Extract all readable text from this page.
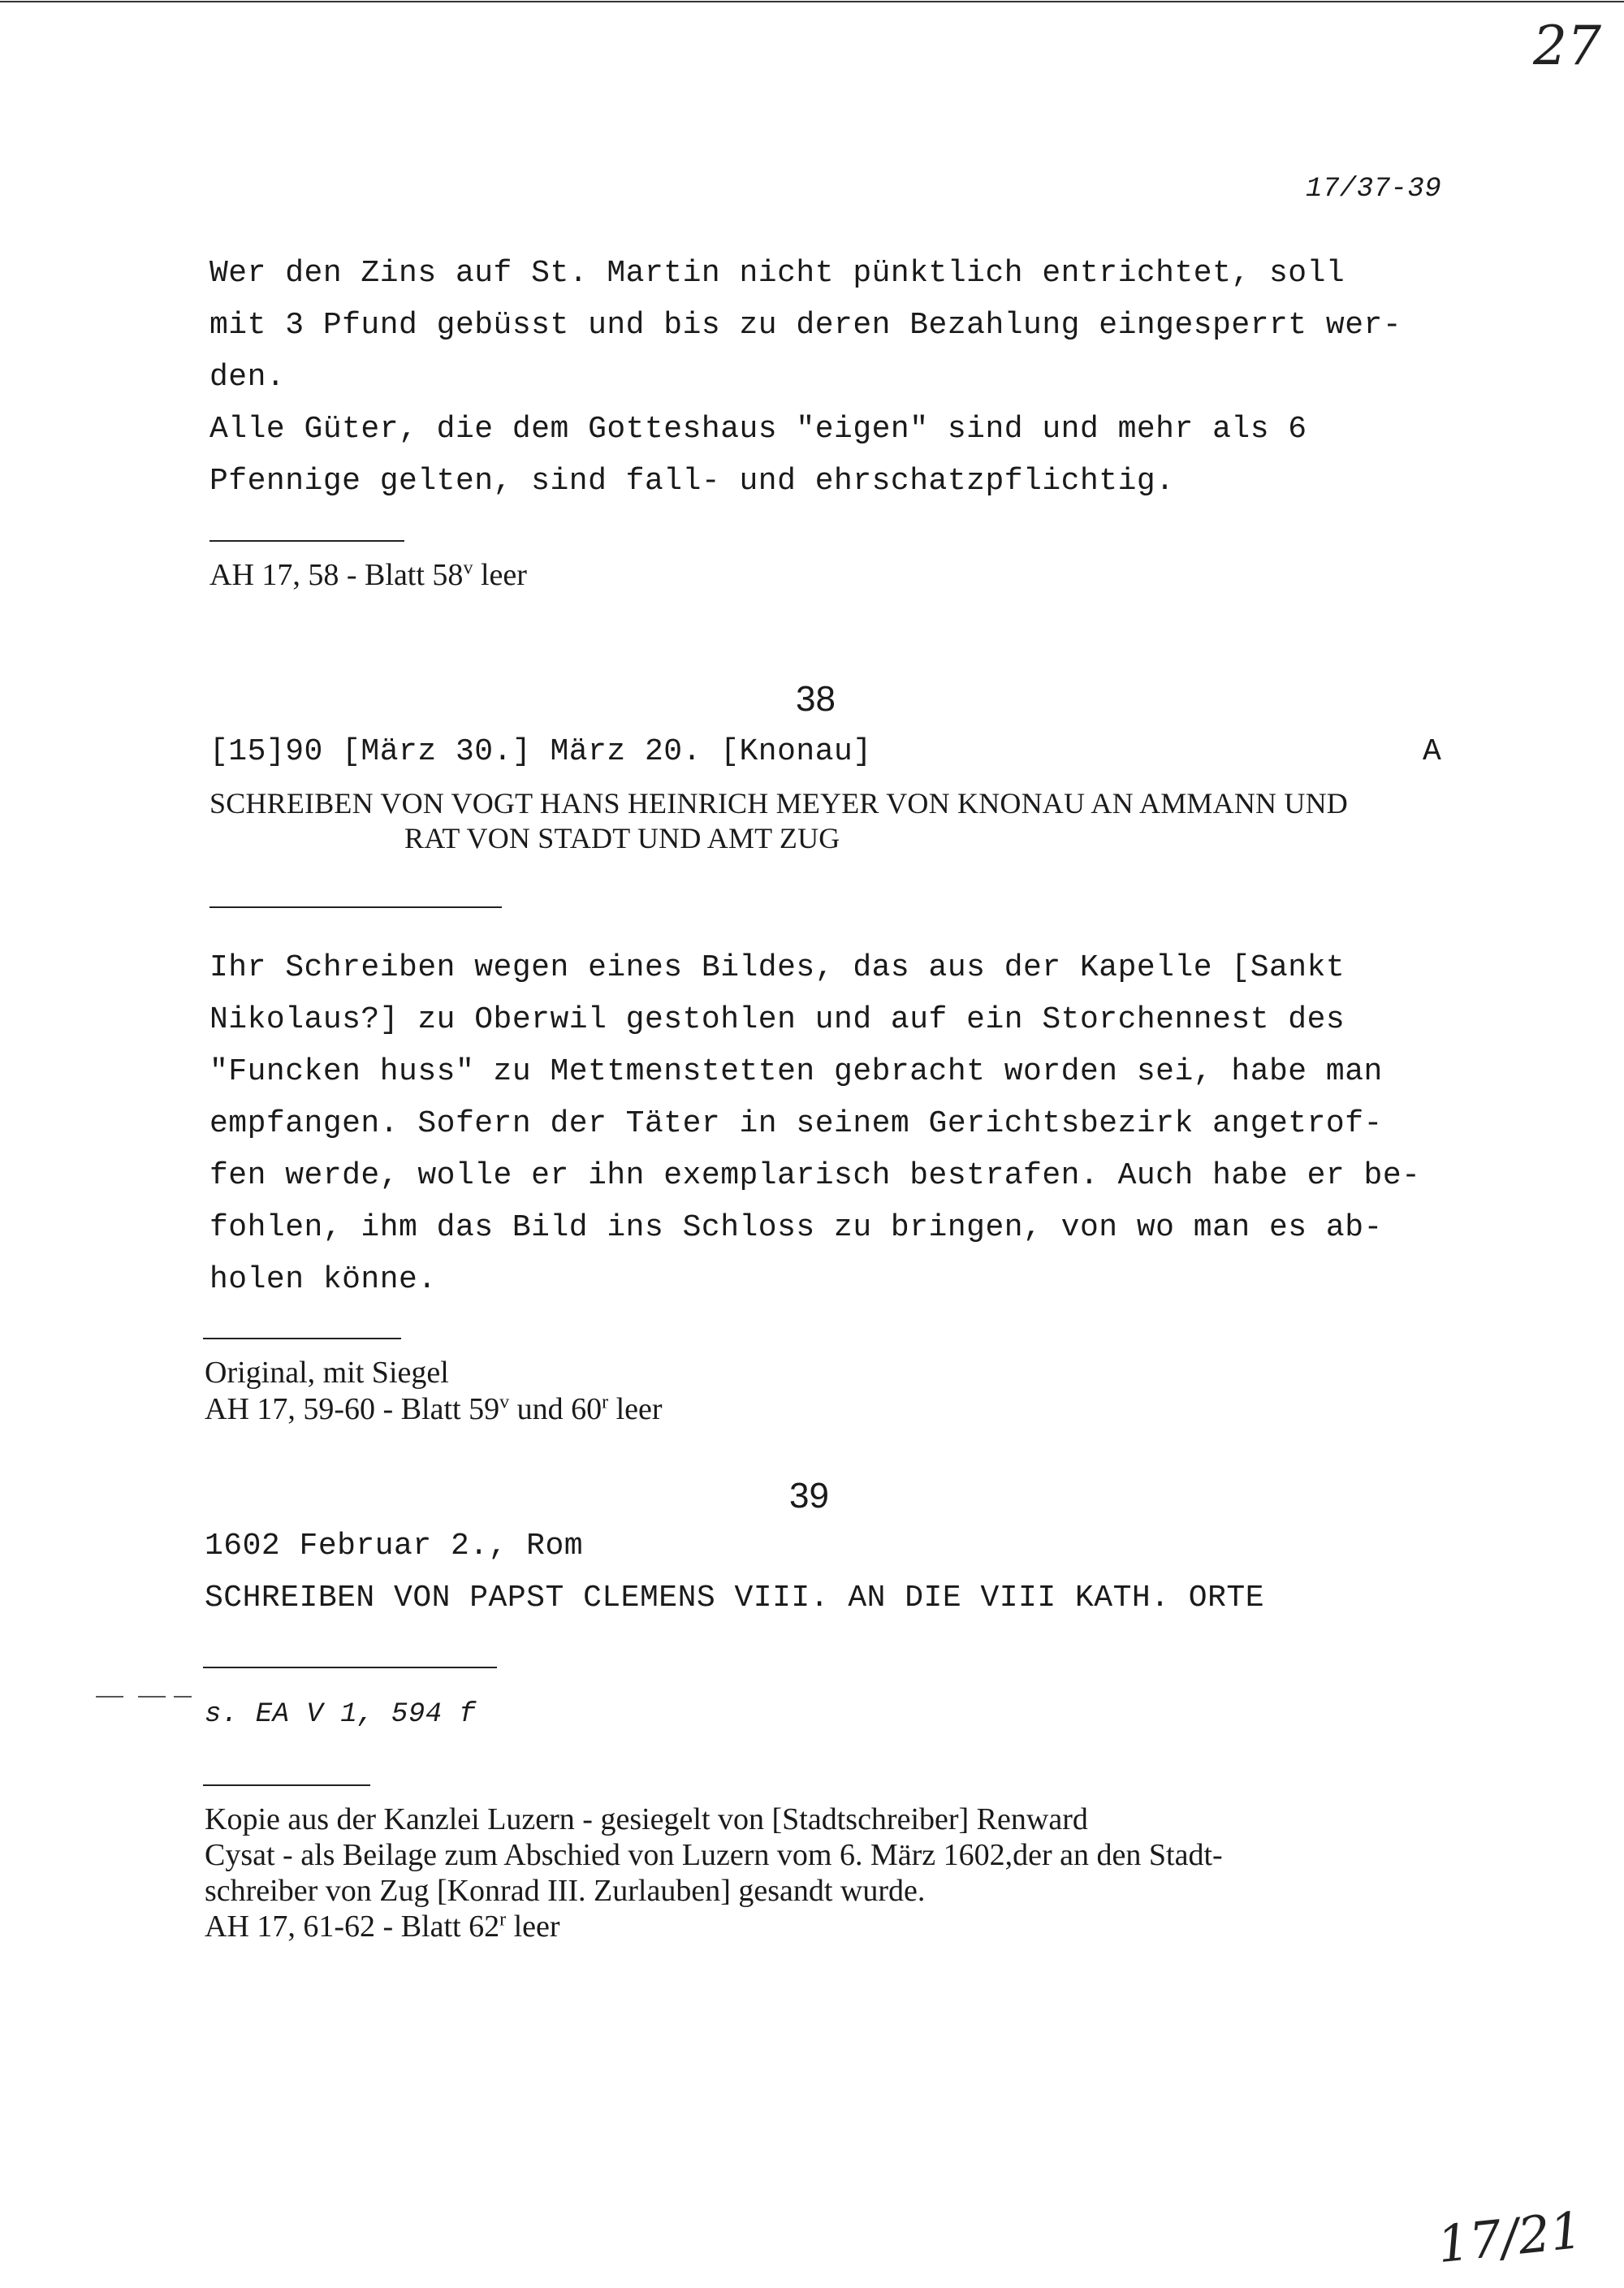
27
17/37-39
Wer den Zins auf St. Martin nicht pünktlich entrichtet, soll
mit 3 Pfund gebüsst und bis zu deren Bezahlung eingesperrt wer-
den.
Alle Güter, die dem Gotteshaus "eigen" sind und mehr als 6
Pfennige gelten, sind fall- und ehrschatzpflichtig.
AH 17, 58 - Blatt 58$^v$ leer
38
[15]90 [März 30.] März 20. [Knonau]	A
SCHREIBEN VON VOGT HANS HEINRICH MEYER VON KNONAU AN AMMANN UND
RAT VON STADT UND AMT ZUG
Ihr Schreiben wegen eines Bildes, das aus der Kapelle [Sankt
Nikolaus?] zu Oberwil gestohlen und auf ein Storchennest des
"Funcken huss" zu Mettmenstetten gebracht worden sei, habe man
empfangen. Sofern der Täter in seinem Gerichtsbezirk angetrof-
fen werde, wolle er ihn exemplarisch bestrafen. Auch habe er be-
fohlen, ihm das Bild ins Schloss zu bringen, von wo man es ab-
holen könne.
Original, mit Siegel
AH 17, 59-60 - Blatt 59$^v$ und 60$^r$ leer
39
1602 Februar 2., Rom
SCHREIBEN VON PAPST CLEMENS VIII. AN DIE VIII KATH. ORTE
s. EA V 1, 594 f
Kopie aus der Kanzlei Luzern - gesiegelt von [Stadtschreiber] Renward
Cysat - als Beilage zum Abschied von Luzern vom 6. März 1602,der an den Stadt-
schreiber von Zug [Konrad III. Zurlauben] gesandt wurde.
AH 17, 61-62 - Blatt 62$^r$ leer
17/21
